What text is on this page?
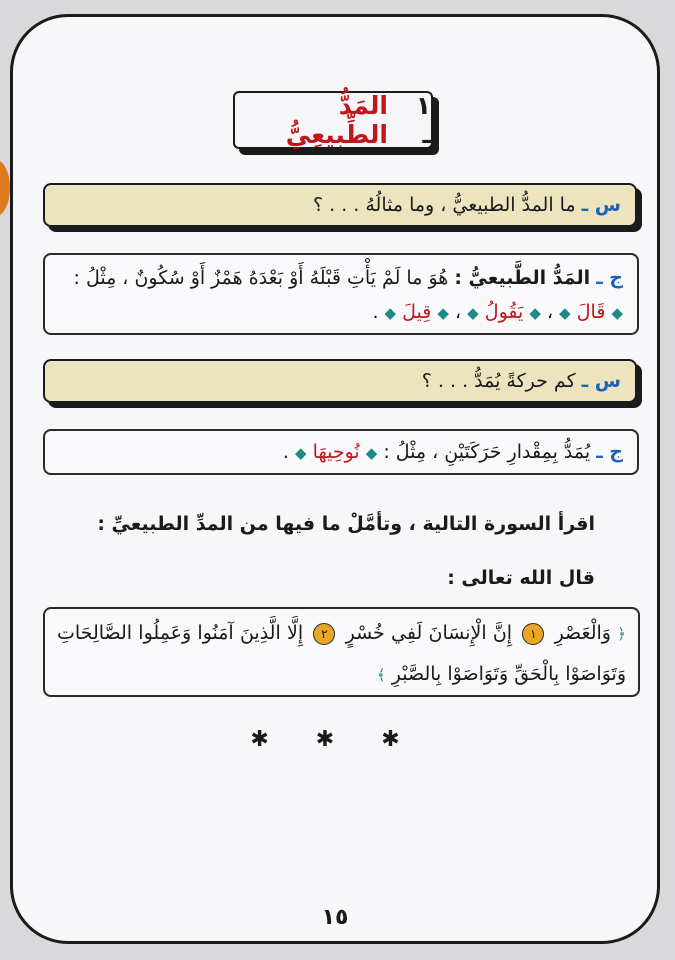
١ ـ
المَدُّ الطِّبيعِيُّ
س ـ

ما المدُّ الطبيعيُّ ، وما مثالُهُ . . . ؟
ج ـ المَدُّ الطَّبيعيُّ : هُوَ ما لَمْ يَأْتِ قَبْلَهُ أَوْ بَعْدَهُ هَمْزٌ أَوْ سُكُونٌ ، مِثْلُ :
◆ قَالَ ◆ ، ◆ يَقُولُ ◆ ، ◆ قِيلَ ◆ .
س ـ

كم حركةً يُمَدُّ . . . ؟
ج ـ يُمَدُّ بِمِقْدارِ حَرَكَتَيْنِ ، مِثْلُ : ◆ نُوحِيهَا ◆ .
اقرأ السورة التالية ، وتأمَّلْ ما فيها من المدِّ الطبيعيِّ :
قال الله تعالى :
﴿ وَالْعَصْرِ ١ إِنَّ الْإِنسَانَ لَفِي خُسْرٍ ٢ إِلَّا الَّذِينَ آمَنُوا وَعَمِلُوا الصَّالِحَاتِ وَتَوَاصَوْا بِالْحَقِّ وَتَوَاصَوْا بِالصَّبْرِ ﴾
✱ ✱ ✱
١٥
